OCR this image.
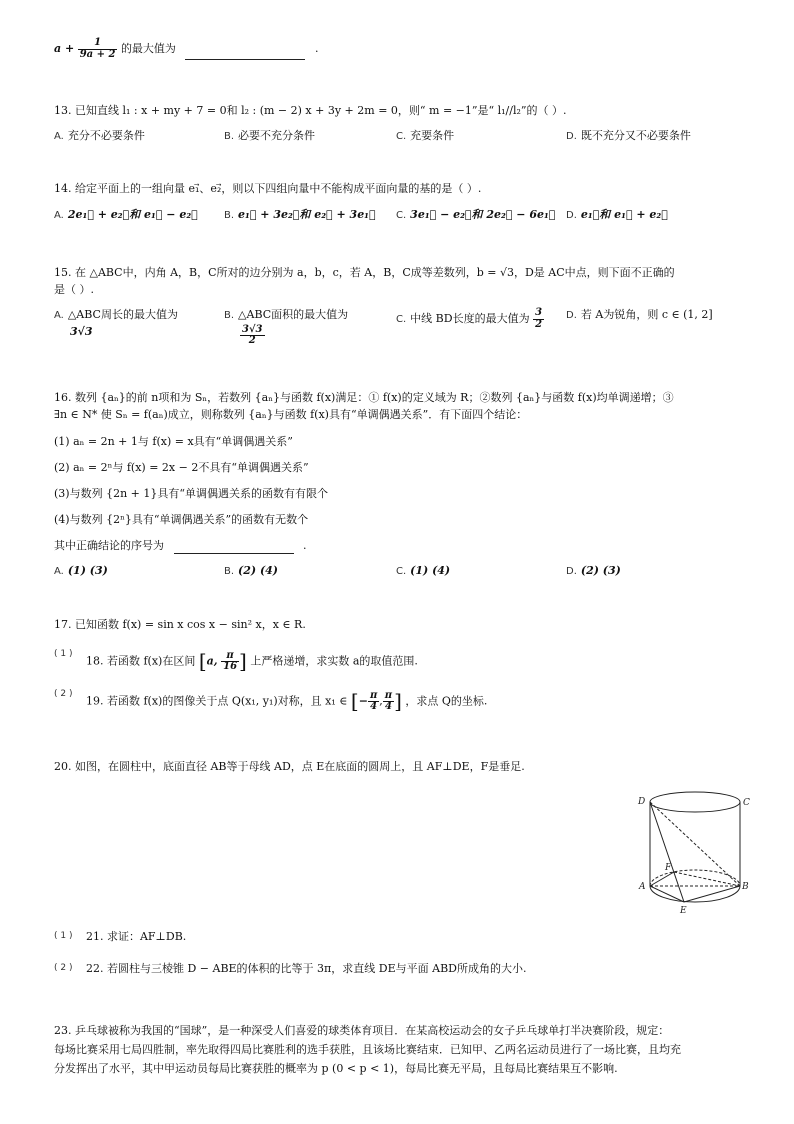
$a + \frac{1}{9a + 2}$ 的最大值为	.
13. 已知直线 l₁ : x + my + 7 = 0和 l₂ : (m − 2) x + 3y + 2m = 0，则“ m = −1”是“ l₁//l₂”的（ ）.
A. 充分不必要条件	B. 必要不充分条件	C. 充要条件	D. 既不充分又不必要条件
14. 给定平面上的一组向量 e₁⃗、e₂⃗，则以下四组向量中不能构成平面向量的基的是（ ）.
A. 2e₁⃗ + e₂⃗和 e₁⃗ − e₂⃗	B. e₁⃗ + 3e₂⃗和 e₂⃗ + 3e₁⃗ C. 3e₁⃗ − e₂⃗和 2e₂⃗ − 6e₁⃗ D. e₁⃗和 e₁⃗ + e₂⃗
15. 在 △ABC中，内角 A，B，C所对的边分别为 a，b，c，若 A，B，C成等差数列，b = √3，D是 AC中点，则下面不正确的
是（ ）.
A. △ABC周长的最大值为
3√3
B. △ABC面积的最大值为
$\frac{3√3}{2}$
C. 中线 BD长度的最大值为 $\frac{3}{2} D$. 若 A为锐角，则 c ∈ (1, 2]
16. 数列 {aₙ}的前 n项和为 Sₙ，若数列 {aₙ}与函数 f(x)满足：① f(x)的定义域为 R；②数列 {aₙ}与函数 f(x)均单调递增；③
∃n ∈ N* 使 Sₙ = f(aₙ)成立，则称数列 {aₙ}与函数 f(x)具有“单调偶遇关系”．有下面四个结论：
(1) aₙ = 2n + 1与 f(x) = x具有“单调偶遇关系”
(2) aₙ = 2ⁿ与 f(x) = 2x − 2不具有“单调偶遇关系”
(3)与数列 {2n + 1}具有“单调偶遇关系的函数有有限个
(4)与数列 {2ⁿ}具有“单调偶遇关系”的函数有无数个
其中正确结论的序号为	.
A. (1) (3)	B. (2) (4)	C. (1) (4)	D. (2) (3)
17. 已知函数 f(x) = sin x cos x − sin² x，x ∈ R.
$^{( 1 )}$ 18. 若函数 f(x)在区间 [a, $\frac{\pi}{16}$ ] 上严格递增，求实数 a的取值范围.
$^{( 2 )}$ 19. 若函数 f(x)的图像关于点 Q(x₁, y₁)对称，且 x₁ ∈ [− $\frac{\pi}{4}$ , $\frac{\pi}{4}$ ] ，求点 Q的坐标.
20. 如图，在圆柱中，底面直径 AB等于母线 AD，点 E在底面的圆周上，且 AF⊥DE，F是垂足.
D	C
F
A	B
E
$^{( 1 )}$ 21. 求证：AF⊥DB.
$^{( 2 )}$ 22. 若圆柱与三棱锥 D − ABE的体积的比等于 3π，求直线 DE与平面 ABD所成角的大小.
23. 乒乓球被称为我国的“国球”，是一种深受人们喜爱的球类体育项目．在某高校运动会的女子乒乓球单打半决赛阶段，规定：
每场比赛采用七局四胜制，率先取得四局比赛胜利的选手获胜，且该场比赛结束．已知甲、乙两名运动员进行了一场比赛，且均充
分发挥出了水平，其中甲运动员每局比赛获胜的概率为 p (0 < p < 1)，每局比赛无平局，且每局比赛结果互不影响.
